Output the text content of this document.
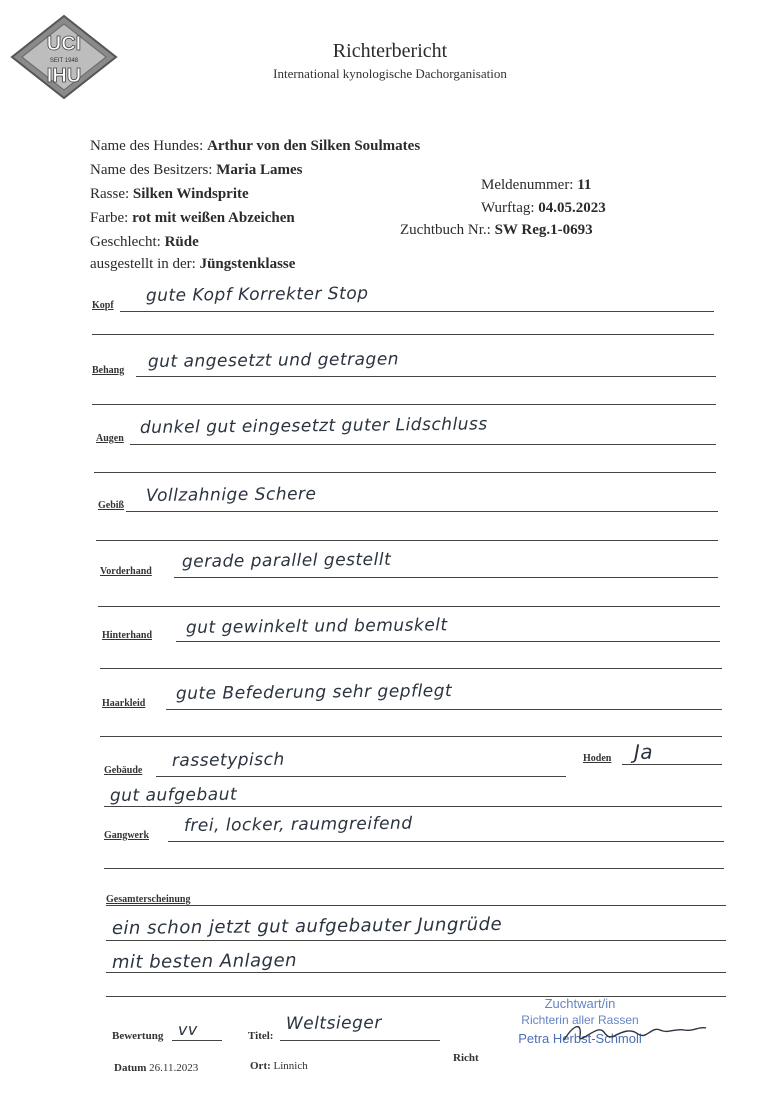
UCI
SEIT 1948
IHU
Richterbericht
International kynologische Dachorganisation
Name des Hundes: Arthur von den Silken Soulmates
Name des Besitzers: Maria Lames
Rasse: Silken Windsprite
Farbe: rot mit weißen Abzeichen
Geschlecht: Rüde
ausgestellt in der: Jüngstenklasse
Meldenummer: 11
Wurftag: 04.05.2023
Zuchtbuch Nr.: SW Reg.1-0693
Kopf gute Kopf Korrekter Stop
Behang gut angesetzt und getragen
Augen
dunkel gut eingesetzt guter Lidschluss
Gebiß Vollzahnige Schere
Vorderhand gerade parallel gestellt
Hinterhand gut gewinkelt und bemuskelt
Haarkleid gute Befederung sehr gepflegt
Gebäude rassetypisch	Hoden Ja
gut aufgebaut
Gangwerk frei, locker, raumgreifend
Gesamterscheinung
ein schon jetzt gut aufgebauter Jungrüde
mit besten Anlagen
Bewertung vv	Titel:
Weltsieger
Datum 26.11.2023	Ort: Linnich
Richt
Zuchtwart/in
Richterin aller Rassen
Petra Herbst-Schmoll
